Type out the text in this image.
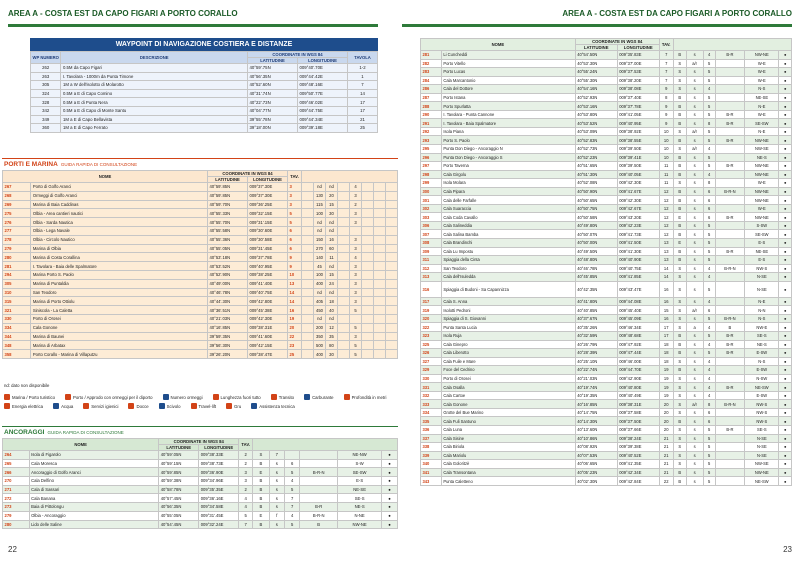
AREA A - COSTA EST DA CAPO FIGARI A PORTO CORALLO
WAYPOINT DI NAVIGAZIONE COSTIERA E DISTANZE
WP NUMERO	DESCRIZIONE	COORDINATE IN WGS 84		TAVOLA
		LATITUDINE	LONGITUDINE	
262	0.5M da Capo Figari	40°59'.75N	009°40'.70E	1-2
263	I. Tavolara - 1000m da Punta Timone	40°56'.35N	009°44'.42E	1
305	1M a W dell'isolotto di Molarotto	40°52'.60N	009°48'.16E	7
324	0.5M a E di Capo Comino	40°31'.74N	009°50'.77E	14
328	0.5M a E di Punta Nera	40°22'.73N	009°46'.02E	17
342	0.5M a E di Capo di Monte Santu	40°04'.77N	009°44'.75E	17
349	1M a E di Capo Bellavista	39°55'.78N	009°44'.34E	21
360	1M a E di Capo Ferrato	39°18'.00N	009°39'.18E	25
PORTI E MARINA GUIDA RAPIDA DI CONSULTAZIONE
NOME		COORDINATE IN WGS 84		TAV.								
		LATITUDINE	LONGITUDINE									
267	Porto di Golfo Aranci	40°59'.85N	009°37'.30E	3		nd	nd		4			
268	Ormeggi di Golfo Aranci	40°59'.85N	009°37'.30E	3		130	20		3			
269	Marina di Baia Caddinas	40°59'.70N	009°36'.25E	3		115	15		2			
275	Olbia - Area cantieri nautici	40°55'.33N	009°32'.15E	5		100	30		3			
276	Olbia - Sarda Nautica	40°55'.70N	009°31'.15E	5		nd	nd		3			
277	Olbia - Lega Navale	40°55'.58N	009°30'.60E	6		nd	nd					
278	Olbia - Circolo Nautico	40°55'.36N	009°30'.58E	6		150	16		3			
279	Marina di Olbia	40°55'.05N	009°31'.45E	6		270	60		3			
280	Marina di Costa Corallina	40°53'.18N	009°37'.78E	9		140	11		4			
281	I. Tavolara - Baia delle Spalmatore	40°53'.52N	009°40'.95E	9		45	nd		3			
294	Marina Porto S. Paolo	40°52'.90N	009°38'.25E	10		100	15		3			
305	Marina di Puntaldia	40°49'.00N	009°41'.40E	13		400	24		3			
310	San Teodoro	40°46'.78N	009°40'.75E	14		nd	nd		3			
315	Marina di Porto Ottiolu	40°44'.30N	009°42'.80E	14		405	18		3			
321	Siniscola - La Caletta	40°36'.51N	009°45'.38E	16		450	40		5			
330	Porto di Orosei	40°21'.03N	009°42'.30E	19		nd	nd					
334	Cala Gonone	40°16'.85N	009°38'.31E	20		200	12		5			
344	Marina di Baunei	39°59'.35N	009°41'.60E	22		350	35		3			
348	Marina di Arbatax	39°56'.30N	009°42'.15E	23		500	80		5			
358	Porto Corallo - Marina di Villaputzu	39°26'.20N	009°38'.47E	25		400	30		5			
nd: dato non disponibile
Marina / Porto turistico	Porto / Approdo con ormeggi per il diporto	Numero ormeggi	Lunghezza fuori tutto	Transito	Carburante	Profondità in metri
Energia elettrica	Acqua	Servizi igienici	Docce	Scivolo	Travel-lift	Gru	Assistenza tecnica
ANCORAGGI GUIDA RAPIDA DI CONSULTAZIONE
NOME		COORDINATE IN WGS 84		TAV.						
		LATITUDINE	LONGITUDINE							
264	Isola di Figarolo	40°59'.05N	009°38'.33E	2	S	7			NE-NW	●
265	Cala Moresca	40°59'.15N	009°38'.73E	2	B	s	6		S-W	●
266	Ancoraggio di Golfo Aranci	40°59'.85N	009°36'.90E	3	E	s	5	B-R-N	SE-SW	●
270	Cala Delfino	40°59'.38N	009°34'.96E	3	B	s	4		E-S	●
271	Cala di Sassari	40°58'.78N	009°35'.35E	2	B	s	5		NE-SE	●
272	Cala Banana	40°57'.45N	009°36'.16E	4	B	s	7		SE-S	●
273	Baia di Pittolongu	40°56'.35N	009°34'.58E	4	B	s	7	B-R	NE-S	●
279	Olbia - Ancoraggio	40°55'.05N	009°31'.45E	5	E	f	4	B-R-N	N-NE	●
280	Lido delle Saline	40°54'.45N	009°32'.24E	7	B	s	5	B	NW-NE	●
22
AREA A - COSTA EST DA CAPO FIGARI A PORTO CORALLO
NOME		COORDINATE IN WGS 84		TAV.						
		LATITUDINE	LONGITUDINE							
281	Li Cuncheddi	40°54'.50N	009°35'.83E	7	B	s	4	B-R	NW-NE	●
282	Porto Vitello	40°53'.30N	009°37'.00E	7	S	a/r	5		W-E	●
283	Porto Lucas	40°55'.24N	009°37'.53E	7	S	s	5		W-E	●
284	Cala Marcantonio	40°55'.30N	009°38'.20E	7	S	s	5		W-E	●
286	Cala del Dottore	40°54'.16N	009°38'.08E	9	S	s	4		N-S	●
287	Porto Istana	40°52'.93N	009°37'.40E	8	B	s	5		NE-SE	●
288	Porto Spurlatta	40°53'.16N	009°37'.78E	9	B	s	5		N-E	●
290	I. Tavolara - Punta Cannone	40°53'.80N	009°41'.05E	9	B	s	5	B-R	W-E	●
291	I. Tavolara - Baia Spalmatore	40°53'.52N	009°40'.95E	9	B	s	8	B-R	SE-SW	●
292	Isola Piana	40°53'.09N	009°38'.92E	10	S	a/r	5		N-E	●
293	Porto S. Paolo	40°52'.83N	009°38'.55E	10	B	s	5	B-R	NW-NE	●
295	Punta Don Diego - Ancoraggio N	40°52'.73N	009°39'.50E	10	S	a/r	4		NW-SE	●
296	Punta Don Diego - Ancoraggio S	40°52'.23N	009°39'.41E	10	B	s	5		NE-S	●
297	Porto Taverna	40°51'.65N	009°39'.50E	11	B	s	5	B-R	NW-NE	●
298	Cala Girgolu	40°51'.30N	009°40'.05E	11	B	s	4		NW-NE	●
299	Isola Molara	40°52'.08N	009°42'.30E	11	S	s	8		W-E	●
300	Cala Pipara	40°50'.90N	009°41'.67E	12	B	s	6	B-R-N	NW-NE	●
301	Cala delle Farfalle	40°50'.65N	009°42'.30E	12	B	s	6		NW-NE	●
302	Cala Suaraccia	40°50'.75N	009°42'.67E	12	B	s	6		W-E	●
303	Cala Coda Cavallo	40°50'.58N	009°43'.20E	12	E	s	6	B-R	NW-NE	●
306	Cala Salineddia	40°49'.80N	009°42'.23E	12	B	s	5		S-SW	●
307	Cala Salina Bamba	40°50'.07N	009°41'.73E	12	B	s	5		SE-SW	●
308	Cala Brandinchi	40°50'.00N	009°41'.50E	13	E	s	5		E-S	●
309	Cala Lu Impostu	40°49'.50N	009°41'.30E	13	B	s	5	B-R	NE-SE	●
311	Spiaggia della Cinta	40°48'.80N	009°40'.90E	13	B	s	5		E-S	●
312	San Teodoro	40°46'.78N	009°40'.75E	14	S	s	4	B-R-N	NW-S	●
313	Cala dell'Isuledda	40°45'.85N	009°41'.85E	14	S	s	4		N-SE	●
316	Spiaggia di Budoni - Sa Capannizza	40°42'.35N	009°43'.47E	16	S	s	5		N-SE	●
317	Cala S. Anna	40°41'.80N	009°44'.08E	16	S	s	4		N-E	●
319	Isolotti Pedroni	40°40'.85N	009°45'.40E	15	S	a/r	6		N-N	●
320	Spiaggia di S. Giovanni	40°37'.67N	009°45'.09E	16	S	s	5	B-R-N	N-S	●
322	Punta Santa Lucia	40°35'.26N	009°46'.34E	17	S	a	4	B	NW-E	●
323	Isola Ruja	40°32'.59N	009°48'.68E	17	B	s	5	B-R	SE-S	●
325	Cala Ginepro	40°26'.79N	009°47'.92E	18	B	s	4	B-R	NE-S	●
326	Cala Liberotto	40°28'.39N	009°47'.44E	18	B	s	5	B-R	E-SW	●
327	Cala Fuile e Mare	40°25'.10N	009°46'.00E	18	S	s	4		N-S	●
329	Foce del Cedrino	40°22'.74N	009°44'.70E	19	B	s	4		E-SW	●
330	Porto di Orosei	40°21'.03N	009°42'.90E	19	S	s	4		N-SW	●
331	Cala Osalla	40°19'.74N	009°40'.80E	19	S	s	4	B-R	NE-SW	●
332	Cala Cartoe	40°19'.35N	009°40'.49E	19	S	s	4		E-SW	●
333	Cala Gonone	40°16'.85N	009°38'.31E	20	S	a/r	8	B-R-N	NW-S	●
334	Grotte del Bue Marino	40°14'.75N	009°37'.58E	20	S	s	6		NW-S	●
335	Cala Fuli Santuno	40°14'.30N	009°37'.50E	20	B	s	6		NW-S	●
336	Cala Luna	40°13'.60N	009°37'.66E	20	S	s	5	B-R	SE-S	●
337	Cala Sisine	40°10'.86N	009°38'.24E	21	S	s	5		N-SE	●
338	Cala Biriola	40°08'.92N	009°39'.38E	21	S	s	5		N-SE	●
339	Cala Mariolu	40°07'.53N	009°40'.52E	21	S	s	5		N-SE	●
340	Cala Goloritzè	40°06'.65N	009°41'.35E	21	S	s	5		NW-SE	●
341	Cala Transontana	40°05'.23N	009°42'.34E	21	B	s	5		NW-NE	●
343	Punta Caletteno	40°02'.30N	009°42'.84E	22	B	s	5		NE-SW	●
23
